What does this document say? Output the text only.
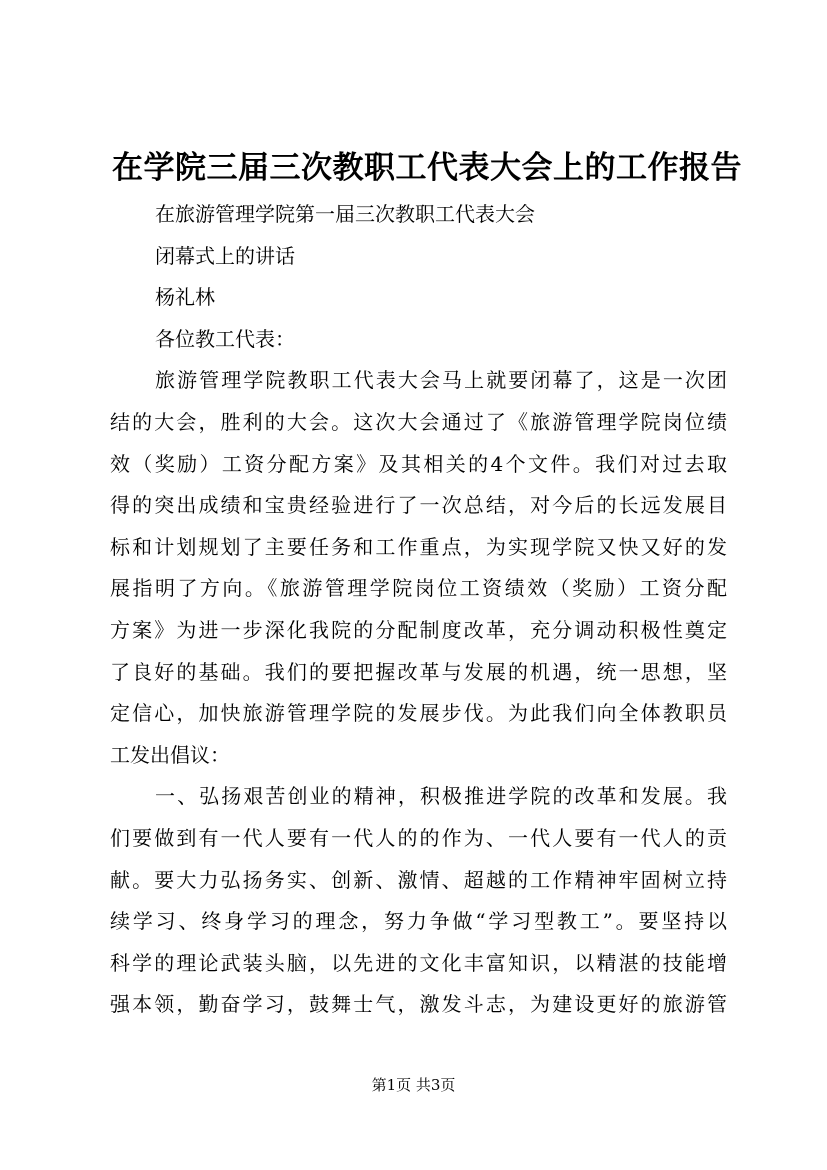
在学院三届三次教职工代表大会上的工作报告

在旅游管理学院第一届三次教职工代表大会

闭幕式上的讲话

杨礼林

各位教工代表：

旅游管理学院教职工代表大会马上就要闭幕了，这是一次团

结的大会，胜利的大会。这次大会通过了《旅游管理学院岗位绩

效（奖励）工资分配方案》及其相关的4个文件。我们对过去取

得的突出成绩和宝贵经验进行了一次总结，对今后的长远发展目

标和计划规划了主要任务和工作重点，为实现学院又快又好的发

展指明了方向。《旅游管理学院岗位工资绩效（奖励）工资分配

方案》为进一步深化我院的分配制度改革，充分调动积极性奠定

了良好的基础。我们的要把握改革与发展的机遇，统一思想，坚

定信心，加快旅游管理学院的发展步伐。为此我们向全体教职员

工发出倡议：

一、弘扬艰苦创业的精神，积极推进学院的改革和发展。我

们要做到有一代人要有一代人的的作为、一代人要有一代人的贡

献。要大力弘扬务实、创新、激情、超越的工作精神牢固树立持

续学习、终身学习的理念，努力争做“学习型教工”。要坚持以

科学的理论武装头脑，以先进的文化丰富知识，以精湛的技能增

强本领，勤奋学习，鼓舞士气，激发斗志，为建设更好的旅游管

第1页 共3页
